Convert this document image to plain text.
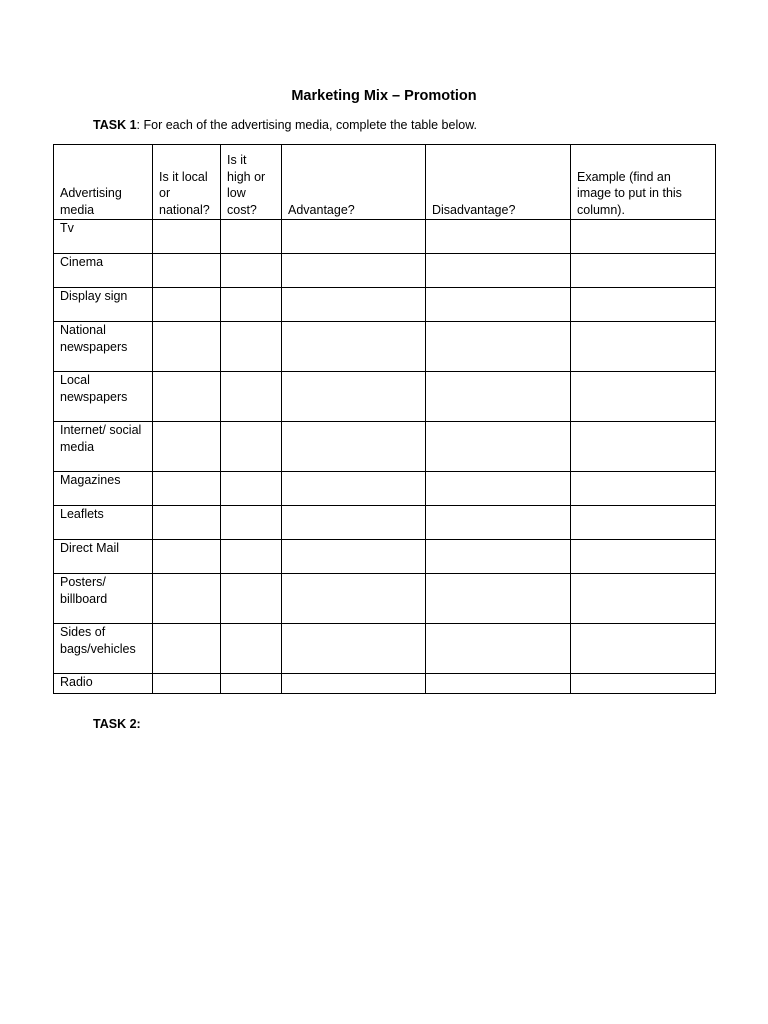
Marketing Mix – Promotion

TASK 1: For each of the advertising media, complete the table below.

Advertising media	Is it local or national?	Is it high or low cost?	Advantage?	Disadvantage?	Example (find an image to put in this column).
Tv					
Cinema					
Display sign					
National newspapers					
Local newspapers					
Internet/ social media					
Magazines					
Leaflets					
Direct Mail					
Posters/ billboard					
Sides of bags/vehicles					
Radio					

TASK 2:
